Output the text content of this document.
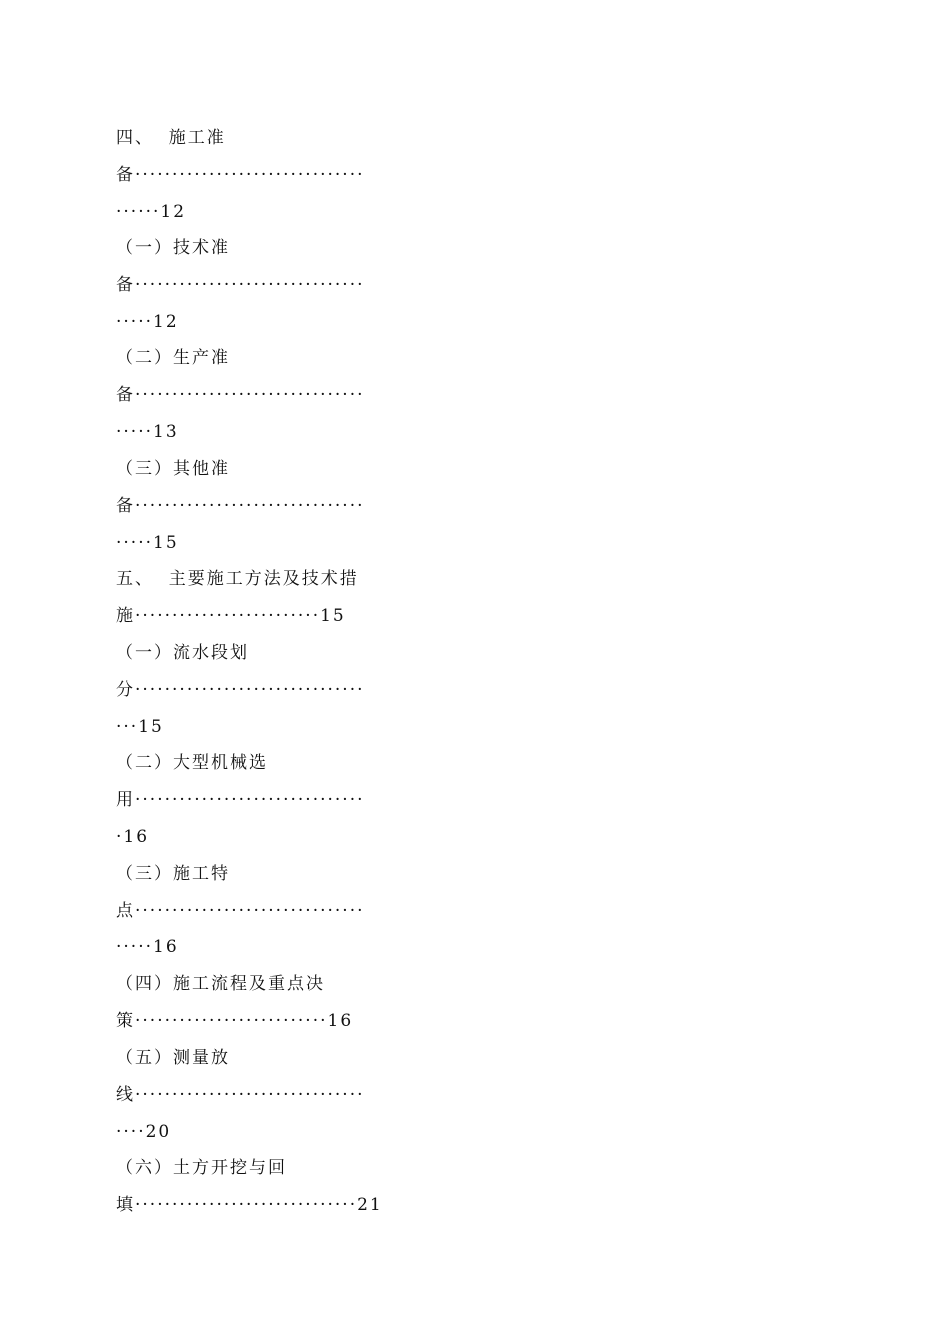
四、  施工准
备·······························
······12
（一）技术准
备·······························
·····12
（二）生产准
备·······························
·····13
（三）其他准
备·······························
·····15
五、  主要施工方法及技术措
施·························15
（一）流水段划
分·······························
···15
（二）大型机械选
用·······························
·16
（三）施工特
点·······························
·····16
（四）施工流程及重点决
策··························16
（五）测量放
线·······························
····20
（六）土方开挖与回
填······························21
